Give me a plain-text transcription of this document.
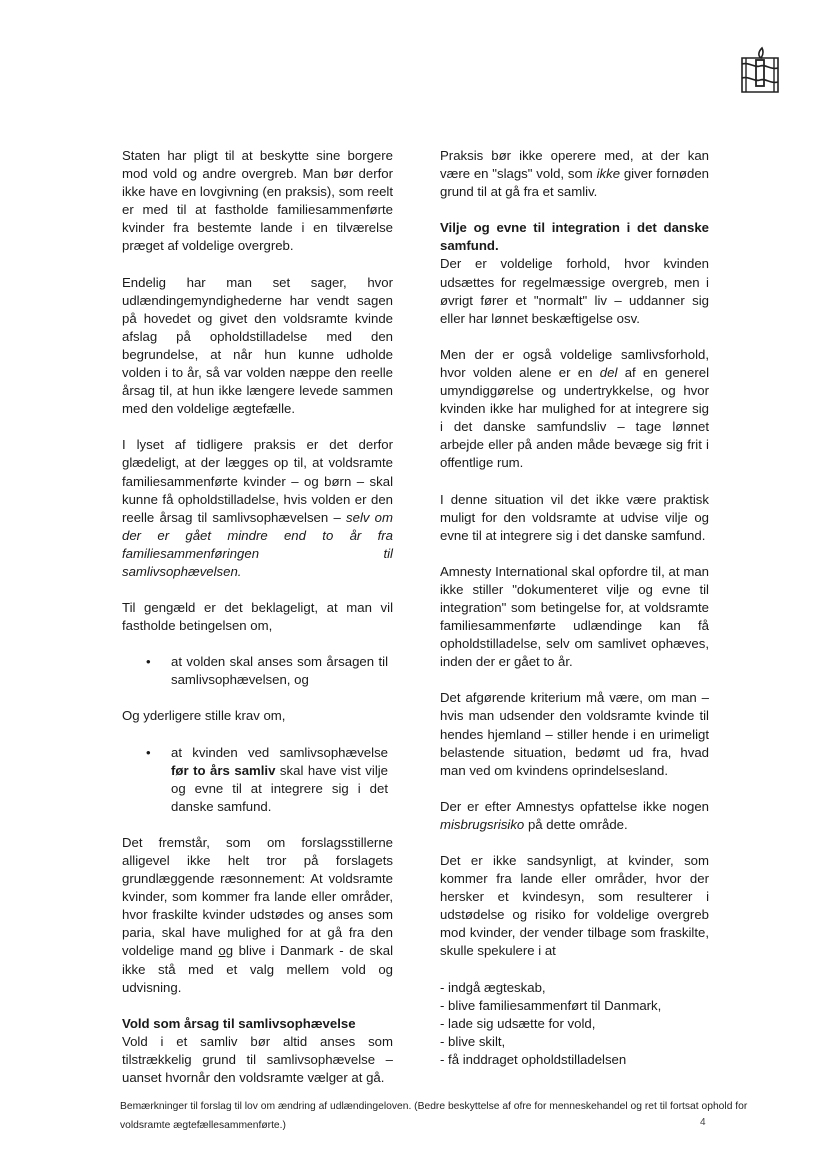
Staten har pligt til at beskytte sine borgere mod vold og andre overgreb. Man bør derfor ikke have en lovgivning (en praksis), som reelt er med til at fastholde familiesammenførte kvinder fra bestemte lande i en tilværelse præget af voldelige overgreb.

Endelig har man set sager, hvor udlændingemyndighederne har vendt sagen på hovedet og givet den voldsramte kvinde afslag på opholdstilladelse med den begrundelse, at når hun kunne udholde volden i to år, så var volden næppe den reelle årsag til, at hun ikke længere levede sammen med den voldelige ægtefælle.

I lyset af tidligere praksis er det derfor glædeligt, at der lægges op til, at voldsramte familiesammenførte kvinder – og børn – skal kunne få opholdstilladelse, hvis volden er den reelle årsag til samlivsophævelsen – selv om der er gået mindre end to år fra familiesammenføringen til samlivsophævelsen.

Til gengæld er det beklageligt, at man vil fastholde betingelsen om,

• at volden skal anses som årsagen til samlivsophævelsen, og

Og yderligere stille krav om,

• at kvinden ved samlivsophævelse før to års samliv skal have vist vilje og evne til at integrere sig i det danske samfund.

Det fremstår, som om forslagsstillerne alligevel ikke helt tror på forslagets grundlæggende ræsonnement: At voldsramte kvinder, som kommer fra lande eller områder, hvor fraskilte kvinder udstødes og anses som paria, skal have mulighed for at gå fra den voldelige mand og blive i Danmark - de skal ikke stå med et valg mellem vold og udvisning.

Vold som årsag til samlivsophævelse

Vold i et samliv bør altid anses som tilstrækkelig grund til samlivsophævelse – uanset hvornår den voldsramte vælger at gå.

Praksis bør ikke operere med, at der kan være en "slags" vold, som ikke giver fornøden grund til at gå fra et samliv.

Vilje og evne til integration i det danske samfund.

Der er voldelige forhold, hvor kvinden udsættes for regelmæssige overgreb, men i øvrigt fører et "normalt" liv – uddanner sig eller har lønnet beskæftigelse osv.

Men der er også voldelige samlivsforhold, hvor volden alene er en del af en generel umyndiggørelse og undertrykkelse, og hvor kvinden ikke har mulighed for at integrere sig i det danske samfundsliv – tage lønnet arbejde eller på anden måde bevæge sig frit i offentlige rum.

I denne situation vil det ikke være praktisk muligt for den voldsramte at udvise vilje og evne til at integrere sig i det danske samfund.

Amnesty International skal opfordre til, at man ikke stiller "dokumenteret vilje og evne til integration" som betingelse for, at voldsramte familiesammenførte udlændinge kan få opholdstilladelse, selv om samlivet ophæves, inden der er gået to år.

Det afgørende kriterium må være, om man – hvis man udsender den voldsramte kvinde til hendes hjemland – stiller hende i en urimeligt belastende situation, bedømt ud fra, hvad man ved om kvindens oprindelsesland.

Der er efter Amnestys opfattelse ikke nogen misbrugsrisiko på dette område.

Det er ikke sandsynligt, at kvinder, som kommer fra lande eller områder, hvor der hersker et kvindesyn, som resulterer i udstødelse og risiko for voldelige overgreb mod kvinder, der vender tilbage som fraskilte, skulle spekulere i at

- indgå ægteskab,

- blive familiesammenført til Danmark,

- lade sig udsætte for vold,

- blive skilt,

- få inddraget opholdstilladelsen

Bemærkninger til forslag til lov om ændring af udlændingeloven. (Bedre beskyttelse af ofre for menneskehandel og ret til fortsat ophold for voldsramte ægtefællesammenførte.)	4
